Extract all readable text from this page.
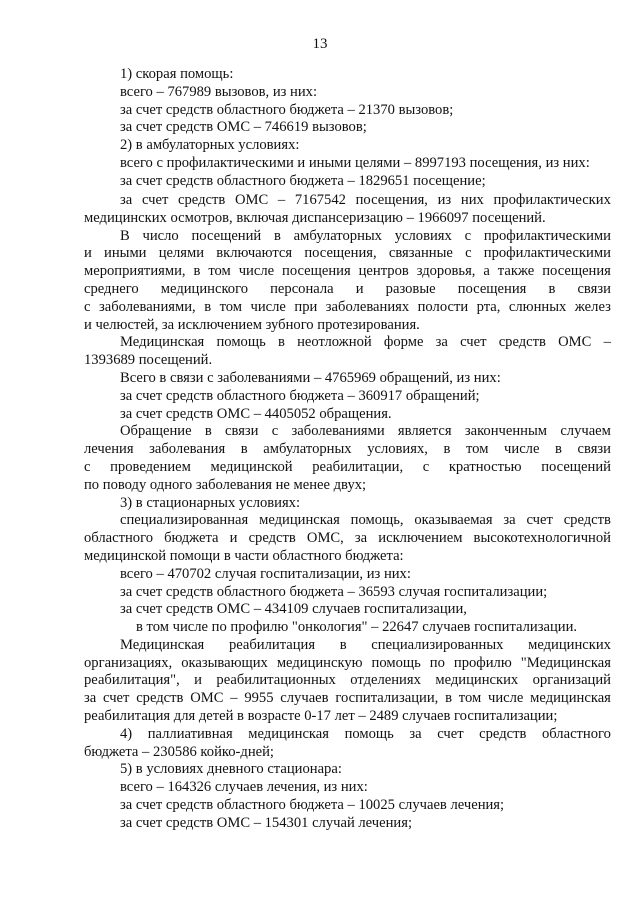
13
1) скорая помощь:
всего – 767989 вызовов, из них:
за счет средств областного бюджета – 21370 вызовов;
за счет средств ОМС – 746619 вызовов;
2) в амбулаторных условиях:
всего с профилактическими и иными целями – 8997193 посещения, из них:
за счет средств областного бюджета – 1829651 посещение;
за счет средств ОМС – 7167542 посещения, из них профилактических
медицинских осмотров, включая диспансеризацию – 1966097 посещений.
В число посещений в амбулаторных условиях с профилактическими
и иными целями включаются посещения, связанные с профилактическими
мероприятиями, в том числе посещения центров здоровья, а также посещения
среднего медицинского персонала и разовые посещения в связи
с заболеваниями, в том числе при заболеваниях полости рта, слюнных желез
и челюстей, за исключением зубного протезирования.
Медицинская помощь в неотложной форме за счет средств ОМС –
1393689 посещений.
Всего в связи с заболеваниями – 4765969 обращений, из них:
за счет средств областного бюджета – 360917 обращений;
за счет средств ОМС – 4405052 обращения.
Обращение в связи с заболеваниями является законченным случаем
лечения заболевания в амбулаторных условиях, в том числе в связи
с проведением медицинской реабилитации, с кратностью посещений
по поводу одного заболевания не менее двух;
3) в стационарных условиях:
специализированная медицинская помощь, оказываемая за счет средств
областного бюджета и средств ОМС, за исключением высокотехнологичной
медицинской помощи в части областного бюджета:
всего – 470702 случая госпитализации, из них:
за счет средств областного бюджета – 36593 случая госпитализации;
за счет средств ОМС – 434109 случаев госпитализации,
в том числе по профилю "онкология" – 22647 случаев госпитализации.
Медицинская реабилитация в специализированных медицинских
организациях, оказывающих медицинскую помощь по профилю "Медицинская
реабилитация", и реабилитационных отделениях медицинских организаций
за счет средств ОМС – 9955 случаев госпитализации, в том числе медицинская
реабилитация для детей в возрасте 0-17 лет – 2489 случаев госпитализации;
4) паллиативная медицинская помощь за счет средств областного
бюджета – 230586 койко-дней;
5) в условиях дневного стационара:
всего – 164326 случаев лечения, из них:
за счет средств областного бюджета – 10025 случаев лечения;
за счет средств ОМС – 154301 случай лечения;
